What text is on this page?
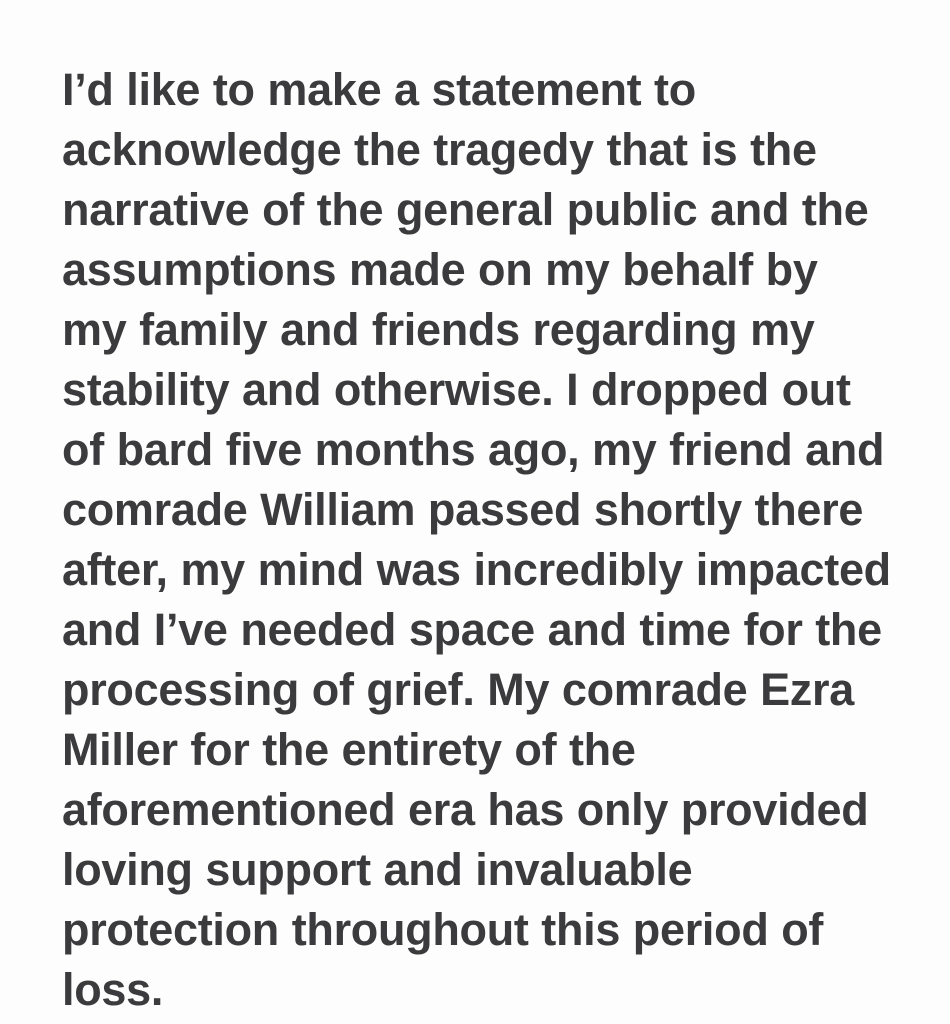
I’d like to make a statement to acknowledge the tragedy that is the narrative of the general public and the assumptions made on my behalf by my family and friends regarding my stability and otherwise. I dropped out of bard five months ago, my friend and comrade William passed shortly there after, my mind was incredibly impacted and I’ve needed space and time for the processing of grief. My comrade Ezra Miller for the entirety of the aforementioned era has only provided loving support and invaluable protection throughout this period of loss.
